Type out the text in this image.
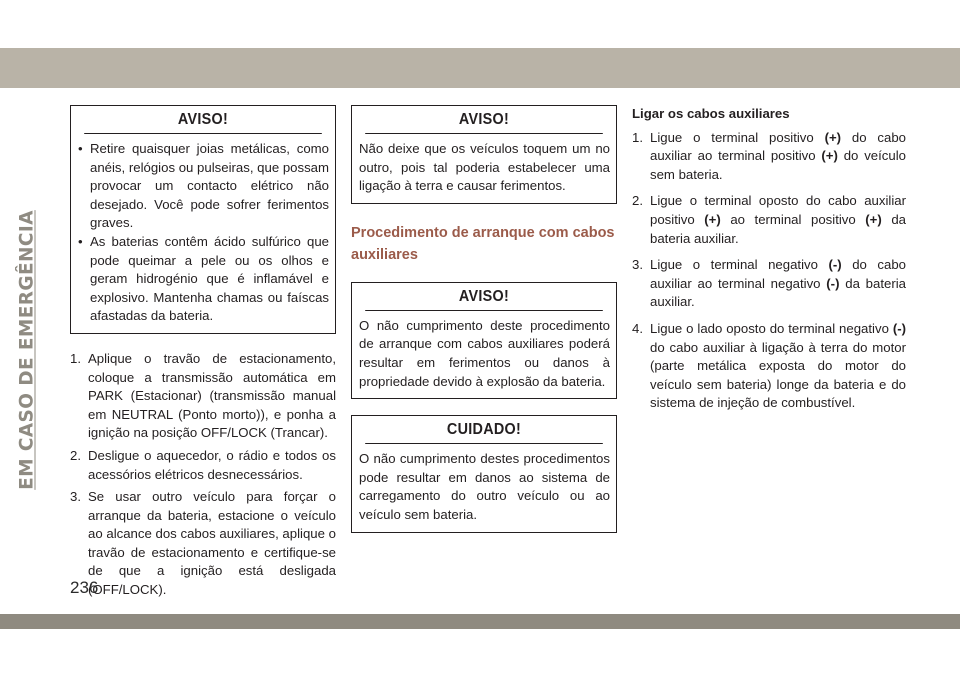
EM CASO DE EMERGÊNCIA
AVISO!
• Retire quaisquer joias metálicas, como anéis, relógios ou pulseiras, que possam provocar um contacto elétrico não desejado. Você pode sofrer ferimentos graves.
• As baterias contêm ácido sulfúrico que pode queimar a pele ou os olhos e geram hidrogénio que é inflamável e explosivo. Mantenha chamas ou faíscas afastadas da bateria.
1. Aplique o travão de estacionamento, coloque a transmissão automática em PARK (Estacionar) (transmissão manual em NEUTRAL (Ponto morto)), e ponha a ignição na posição OFF/LOCK (Trancar).
2. Desligue o aquecedor, o rádio e todos os acessórios elétricos desnecessários.
3. Se usar outro veículo para forçar o arranque da bateria, estacione o veículo ao alcance dos cabos auxiliares, aplique o travão de estacionamento e certifique-se de que a ignição está desligada (OFF/LOCK).
AVISO!
Não deixe que os veículos toquem um no outro, pois tal poderia estabelecer uma ligação à terra e causar ferimentos.
Procedimento de arranque com cabos auxiliares
AVISO!
O não cumprimento deste procedimento de arranque com cabos auxiliares poderá resultar em ferimentos ou danos à propriedade devido à explosão da bateria.
CUIDADO!
O não cumprimento destes procedimentos pode resultar em danos ao sistema de carregamento do outro veículo ou ao veículo sem bateria.
Ligar os cabos auxiliares
1. Ligue o terminal positivo (+) do cabo auxiliar ao terminal positivo (+) do veículo sem bateria.
2. Ligue o terminal oposto do cabo auxiliar positivo (+) ao terminal positivo (+) da bateria auxiliar.
3. Ligue o terminal negativo (-) do cabo auxiliar ao terminal negativo (-) da bateria auxiliar.
4. Ligue o lado oposto do terminal negativo (-) do cabo auxiliar à ligação à terra do motor (parte metálica exposta do motor do veículo sem bateria) longe da bateria e do sistema de injeção de combustível.
236
